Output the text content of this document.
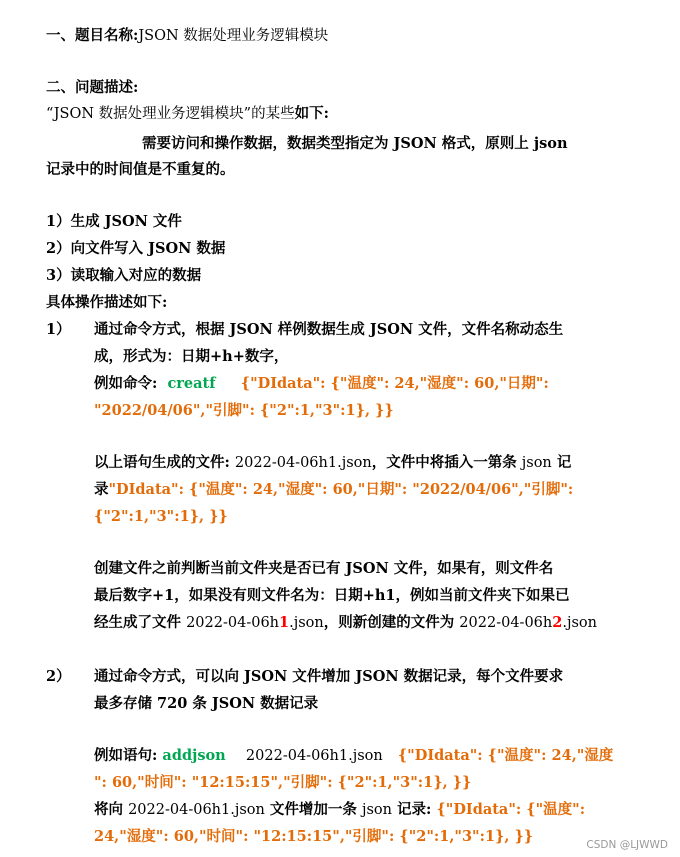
一、题目名称:JSON 数据处理业务逻辑模块
二、问题描述:
“JSON 数据处理业务逻辑模块”的某些如下:
需要访问和操作数据，数据类型指定为 JSON 格式，原则上 json
记录中的时间值是不重复的。
1）生成 JSON 文件
2）向文件写入 JSON 数据
3）读取输入对应的数据
具体操作描述如下:
1） 通过命令方式，根据 JSON 样例数据生成 JSON 文件，文件名称动态生
成，形式为：日期+h+数字，
例如命令: creatf {"DIdata": {"温度": 24,"湿度": 60,"日期":
"2022/04/06","引脚": {"2":1,"3":1}, }}
以上语句生成的文件: 2022-04-06h1.json，文件中将插入一第条 json 记
录"DIdata": {"温度": 24,"湿度": 60,"日期": "2022/04/06","引脚":
{"2":1,"3":1}, }}
创建文件之前判断当前文件夹是否已有 JSON 文件，如果有，则文件名
最后数字+1，如果没有则文件名为：日期+h1，例如当前文件夹下如果已
经生成了文件 2022-04-06h1.json，则新创建的文件为 2022-04-06h2.json
2） 通过命令方式，可以向 JSON 文件增加 JSON 数据记录，每个文件要求
最多存储 720 条 JSON 数据记录
例如语句: addjson 2022-04-06h1.json {"DIdata": {"温度": 24,"湿度
": 60,"时间": "12:15:15","引脚": {"2":1,"3":1}, }}
将向 2022-04-06h1.json 文件增加一条 json 记录: {"DIdata": {"温度":
24,"湿度": 60,"时间": "12:15:15","引脚": {"2":1,"3":1}, }}	CSDN @LJWWD
